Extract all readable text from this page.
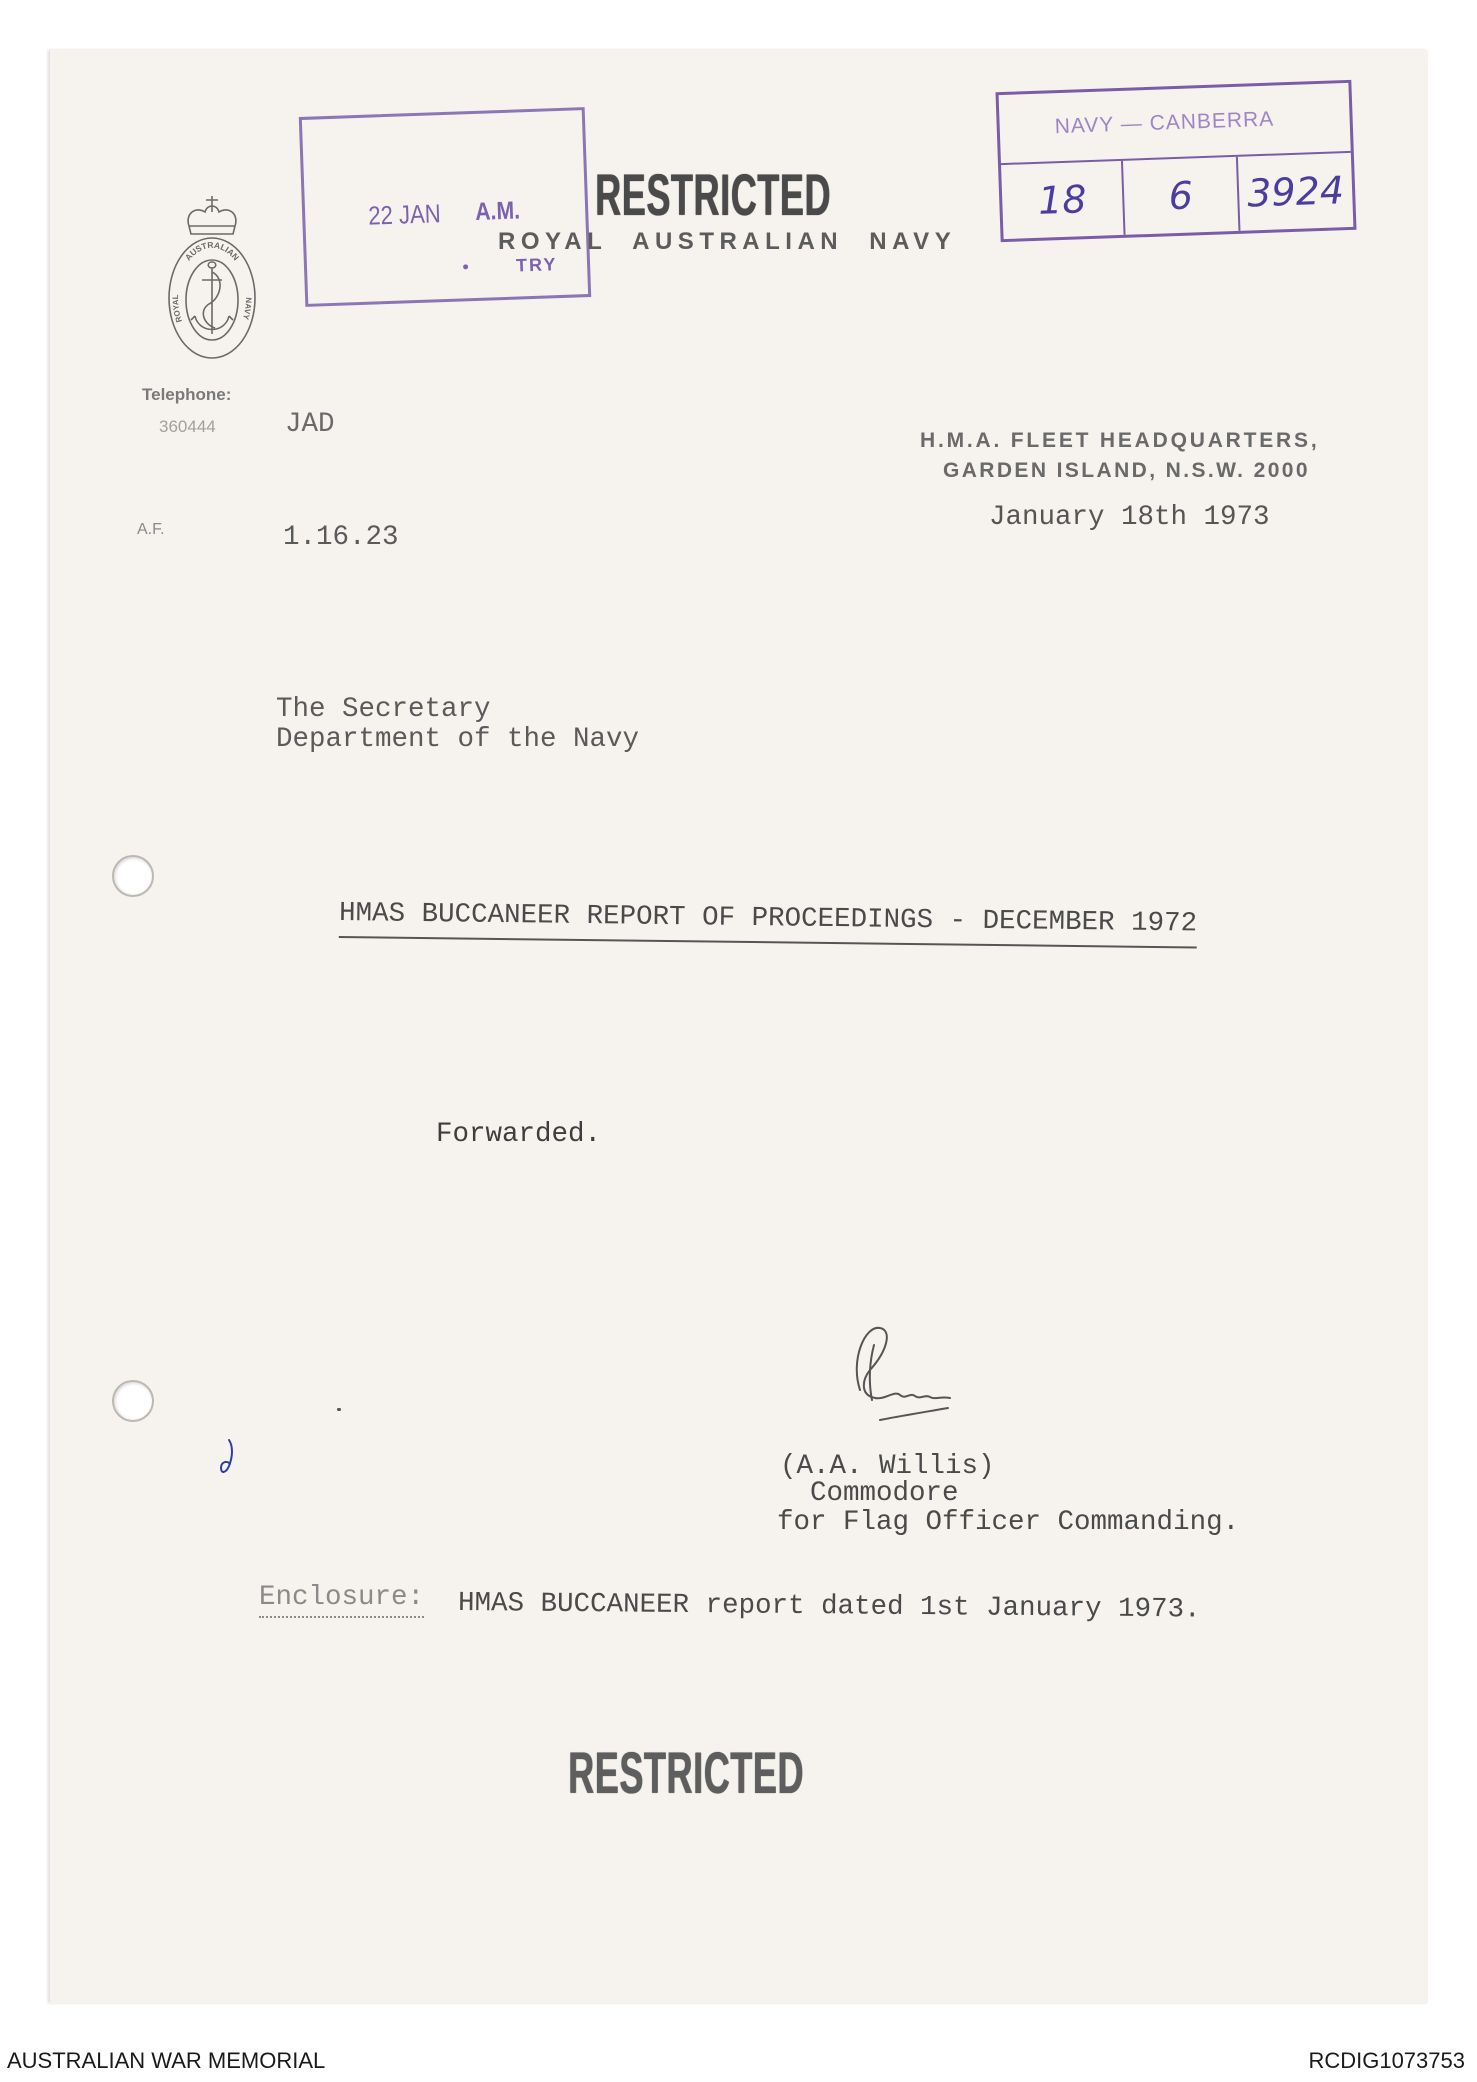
AUSTRALIAN
ROYAL
NAVY
22 JAN A.M.
TRY
RESTRICTED
ROYAL AUSTRALIAN NAVY
NAVY — CANBERRA
18	6	3924
Telephone:
360444	JAD
A.F.	1.16.23
H.M.A. FLEET HEADQUARTERS,
GARDEN ISLAND, N.S.W. 2000
January 18th 1973
The Secretary
Department of the Navy
HMAS BUCCANEER REPORT OF PROCEEDINGS - DECEMBER 1972
Forwarded.
(A.A. Willis)
Commodore
for Flag Officer Commanding.
Enclosure: HMAS BUCCANEER report dated 1st January 1973.
RESTRICTED
AUSTRALIAN WAR MEMORIAL	RCDIG1073753
